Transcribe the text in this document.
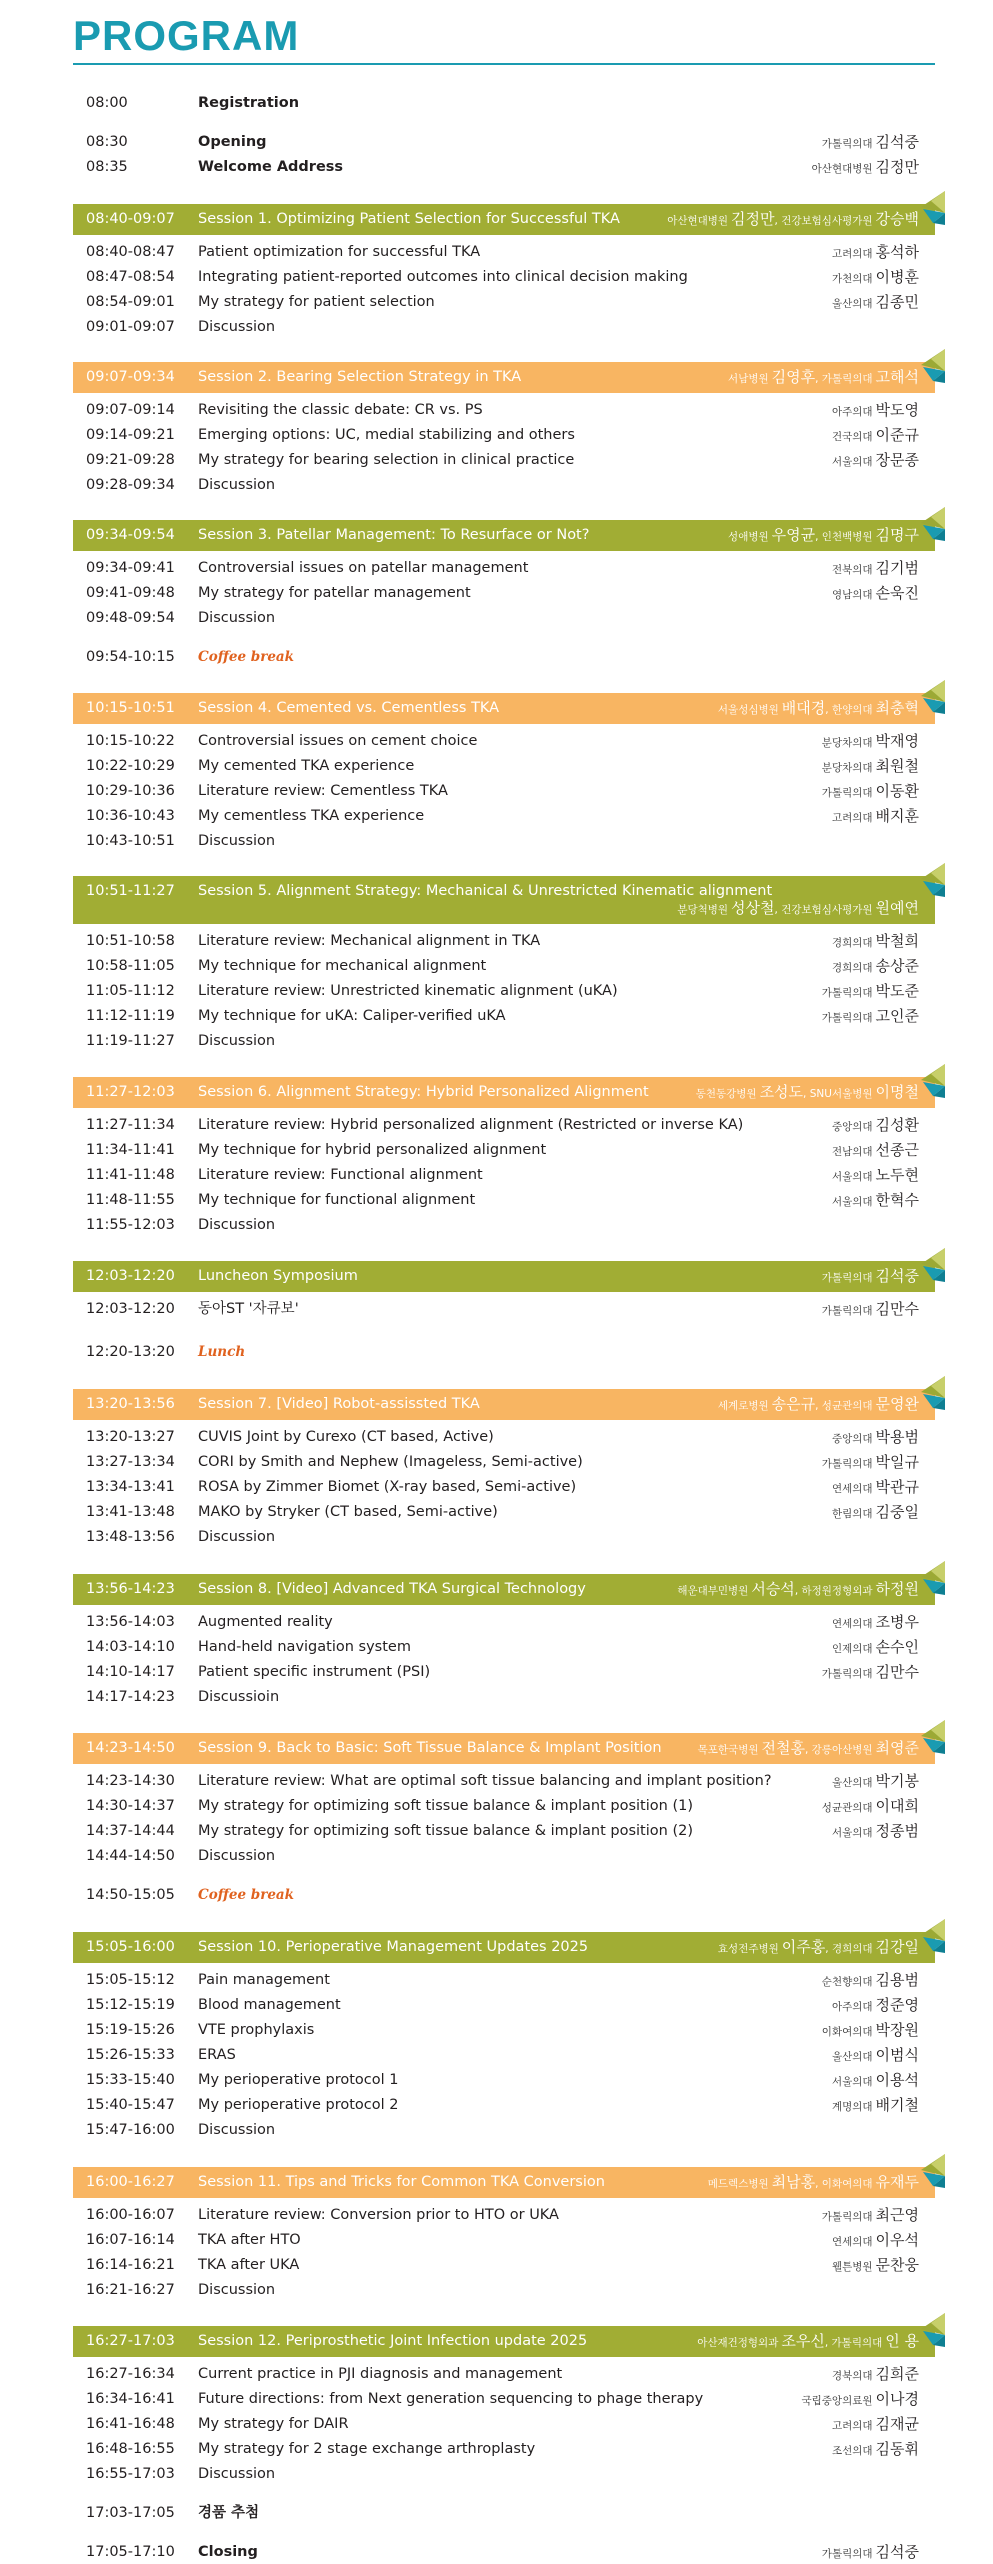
PROGRAM
08:00	Registration
08:30	Opening	가톨릭의대 김석중
08:35	Welcome Address	아산현대병원 김정만
08:40-09:07 Session 1. Optimizing Patient Selection for Successful TKA	아산현대병원 김정만, 건강보험심사평가원 강승백
08:40-08:47 Patient optimization for successful TKA	고려의대 홍석하
08:47-08:54 Integrating patient-reported outcomes into clinical decision making	가천의대 이병훈
08:54-09:01 My strategy for patient selection	울산의대 김종민
09:01-09:07 Discussion
09:07-09:34 Session 2. Bearing Selection Strategy in TKA	서남병원 김영후, 가톨릭의대 고해석
09:07-09:14 Revisiting the classic debate: CR vs. PS	아주의대 박도영
09:14-09:21 Emerging options: UC, medial stabilizing and others	건국의대 이준규
09:21-09:28 My strategy for bearing selection in clinical practice	서울의대 장문종
09:28-09:34 Discussion
09:34-09:54 Session 3. Patellar Management: To Resurface or Not?	성애병원 우영균, 인천백병원 김명구
09:34-09:41 Controversial issues on patellar management	전북의대 김기범
09:41-09:48 My strategy for patellar management	영남의대 손욱진
09:48-09:54 Discussion
09:54-10:15 Coffee break
10:15-10:51 Session 4. Cemented vs. Cementless TKA	서울성심병원 배대경, 한양의대 최충혁
10:15-10:22 Controversial issues on cement choice	분당차의대 박재영
10:22-10:29 My cemented TKA experience	분당차의대 최원철
10:29-10:36 Literature review: Cementless TKA	가톨릭의대 이동환
10:36-10:43 My cementless TKA experience	고려의대 배지훈
10:43-10:51 Discussion
10:51-11:27 Session 5. Alignment Strategy: Mechanical & Unrestricted Kinematic alignment
분당척병원 성상철, 건강보험심사평가원 원예연
10:51-10:58 Literature review: Mechanical alignment in TKA	경희의대 박철희
10:58-11:05 My technique for mechanical alignment	경희의대 송상준
11:05-11:12 Literature review: Unrestricted kinematic alignment (uKA)	가톨릭의대 박도준
11:12-11:19 My technique for uKA: Caliper-verified uKA	가톨릭의대 고인준
11:19-11:27 Discussion
11:27-12:03 Session 6. Alignment Strategy: Hybrid Personalized Alignment	동천동강병원 조성도, SNU서울병원 이명철
11:27-11:34 Literature review: Hybrid personalized alignment (Restricted or inverse KA)	중앙의대 김성환
11:34-11:41 My technique for hybrid personalized alignment	전남의대 선종근
11:41-11:48 Literature review: Functional alignment	서울의대 노두현
11:48-11:55 My technique for functional alignment	서울의대 한혁수
11:55-12:03 Discussion
12:03-12:20 Luncheon Symposium	가톨릭의대 김석중
12:03-12:20 동아ST '자큐보'	가톨릭의대 김만수
12:20-13:20 Lunch
13:20-13:56 Session 7. [Video] Robot-assissted TKA	세계로병원 송은규, 성균관의대 문영완
13:20-13:27 CUVIS Joint by Curexo (CT based, Active)	중앙의대 박용범
13:27-13:34 CORI by Smith and Nephew (Imageless, Semi-active)	가톨릭의대 박일규
13:34-13:41 ROSA by Zimmer Biomet (X-ray based, Semi-active)	연세의대 박관규
13:41-13:48 MAKO by Stryker (CT based, Semi-active)	한림의대 김중일
13:48-13:56 Discussion
13:56-14:23 Session 8. [Video] Advanced TKA Surgical Technology	해운대부민병원 서승석, 하정원정형외과 하정원
13:56-14:03 Augmented reality	연세의대 조병우
14:03-14:10 Hand-held navigation system	인제의대 손수인
14:10-14:17 Patient specific instrument (PSI)	가톨릭의대 김만수
14:17-14:23 Discussioin
14:23-14:50 Session 9. Back to Basic: Soft Tissue Balance & Implant Position	목포한국병원 전철홍, 강릉아산병원 최영준
14:23-14:30 Literature review: What are optimal soft tissue balancing and implant position?	울산의대 박기봉
14:30-14:37 My strategy for optimizing soft tissue balance & implant position (1)	성균관의대 이대희
14:37-14:44 My strategy for optimizing soft tissue balance & implant position (2)	서울의대 정종범
14:44-14:50 Discussion
14:50-15:05 Coffee break
15:05-16:00 Session 10. Perioperative Management Updates 2025	효성전주병원 이주홍, 경희의대 김강일
15:05-15:12 Pain management	순천향의대 김용범
15:12-15:19 Blood management	아주의대 정준영
15:19-15:26 VTE prophylaxis	이화여의대 박장원
15:26-15:33 ERAS	울산의대 이범식
15:33-15:40 My perioperative protocol 1	서울의대 이용석
15:40-15:47 My perioperative protocol 2	계명의대 배기철
15:47-16:00 Discussion
16:00-16:27 Session 11. Tips and Tricks for Common TKA Conversion	메드렉스병원 최남홍, 이화여의대 유재두
16:00-16:07 Literature review: Conversion prior to HTO or UKA	가톨릭의대 최근영
16:07-16:14 TKA after HTO	연세의대 이우석
16:14-16:21 TKA after UKA	웰튼병원 문찬웅
16:21-16:27 Discussion
16:27-17:03 Session 12. Periprosthetic Joint Infection update 2025	아산재건정형외과 조우신, 가톨릭의대 인 용
16:27-16:34 Current practice in PJI diagnosis and management	경북의대 김희준
16:34-16:41 Future directions: from Next generation sequencing to phage therapy	국립중앙의료원 이나경
16:41-16:48 My strategy for DAIR	고려의대 김재균
16:48-16:55 My strategy for 2 stage exchange arthroplasty	조선의대 김동휘
16:55-17:03 Discussion
17:03-17:05 경품 추첨
17:05-17:10 Closing	가톨릭의대 김석중
